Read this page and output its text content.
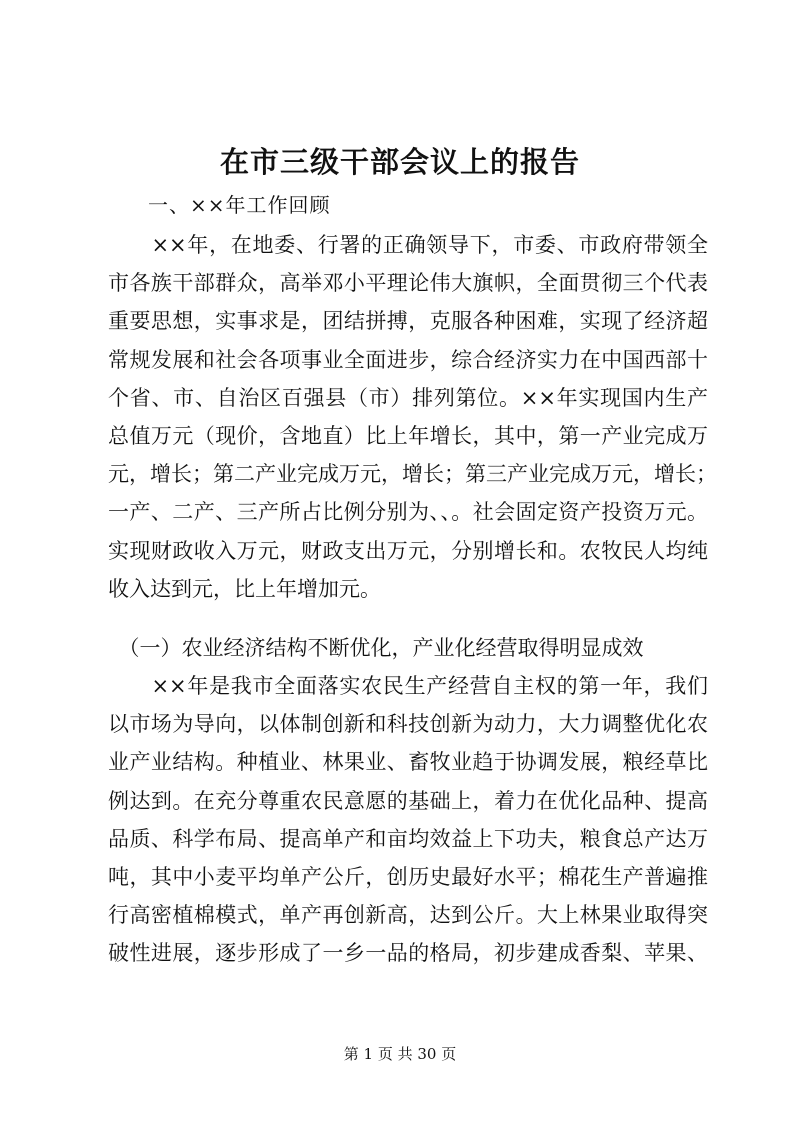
在市三级干部会议上的报告
一、××年工作回顾
　　××年，在地委、行署的正确领导下，市委、市政府带领全
市各族干部群众，高举邓小平理论伟大旗帜，全面贯彻三个代表
重要思想，实事求是，团结拼搏，克服各种困难，实现了经济超
常规发展和社会各项事业全面进步，综合经济实力在中国西部十
个省、市、自治区百强县（市）排列第位。××年实现国内生产
总值万元（现价，含地直）比上年增长，其中，第一产业完成万
元，增长；第二产业完成万元，增长；第三产业完成万元，增长；
一产、二产、三产所占比例分别为、、。社会固定资产投资万元。
实现财政收入万元，财政支出万元，分别增长和。农牧民人均纯
收入达到元，比上年增加元。
　（一）农业经济结构不断优化，产业化经营取得明显成效
　　××年是我市全面落实农民生产经营自主权的第一年，我们
以市场为导向，以体制创新和科技创新为动力，大力调整优化农
业产业结构。种植业、林果业、畜牧业趋于协调发展，粮经草比
例达到。在充分尊重农民意愿的基础上，着力在优化品种、提高
品质、科学布局、提高单产和亩均效益上下功夫，粮食总产达万
吨，其中小麦平均单产公斤，创历史最好水平；棉花生产普遍推
行高密植棉模式，单产再创新高，达到公斤。大上林果业取得突
破性进展，逐步形成了一乡一品的格局，初步建成香梨、苹果、
第 1 页 共 30 页
